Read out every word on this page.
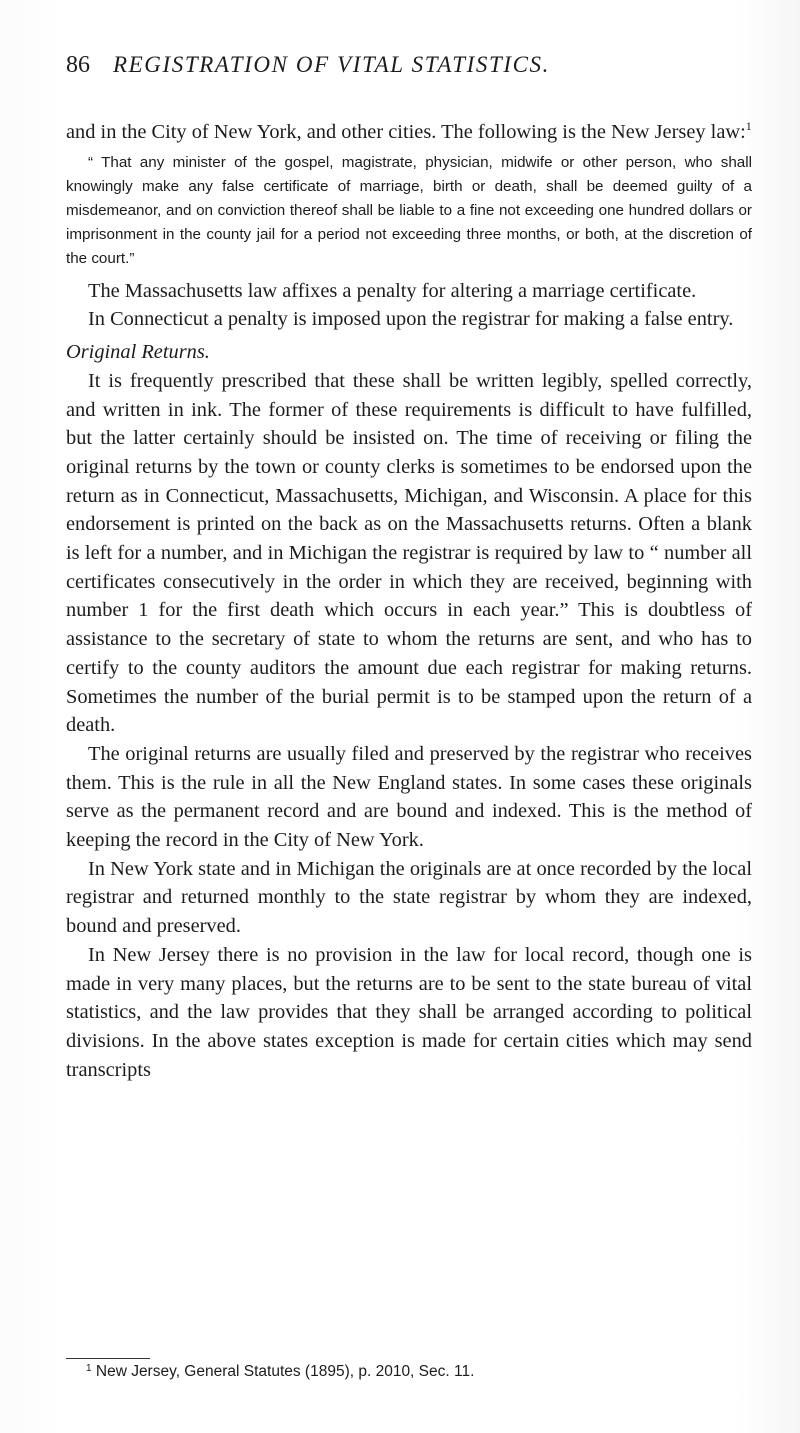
86 REGISTRATION OF VITAL STATISTICS.

and in the City of New York, and other cities. The following is the New Jersey law:$^1$

“ That any minister of the gospel, magistrate, physician, midwife or other person, who shall knowingly make any false certificate of marriage, birth or death, shall be deemed guilty of a misdemeanor, and on conviction thereof shall be liable to a fine not exceeding one hundred dollars or imprisonment in the county jail for a period not exceeding three months, or both, at the discretion of the court.”

The Massachusetts law affixes a penalty for altering a marriage certificate.

In Connecticut a penalty is imposed upon the registrar for making a false entry.

Original Returns.

It is frequently prescribed that these shall be written legibly, spelled correctly, and written in ink. The former of these requirements is difficult to have fulfilled, but the latter certainly should be insisted on. The time of receiving or filing the original returns by the town or county clerks is sometimes to be endorsed upon the return as in Connecticut, Massachusetts, Michigan, and Wisconsin. A place for this endorsement is printed on the back as on the Massachusetts returns. Often a blank is left for a number, and in Michigan the registrar is required by law to “ number all certificates consecutively in the order in which they are received, beginning with number 1 for the first death which occurs in each year.” This is doubtless of assistance to the secretary of state to whom the returns are sent, and who has to certify to the county auditors the amount due each registrar for making returns. Sometimes the number of the burial permit is to be stamped upon the return of a death.

The original returns are usually filed and preserved by the registrar who receives them. This is the rule in all the New England states. In some cases these originals serve as the permanent record and are bound and indexed. This is the method of keeping the record in the City of New York.

In New York state and in Michigan the originals are at once recorded by the local registrar and returned monthly to the state registrar by whom they are indexed, bound and preserved.

In New Jersey there is no provision in the law for local record, though one is made in very many places, but the returns are to be sent to the state bureau of vital statistics, and the law provides that they shall be arranged according to political divisions. In the above states exception is made for certain cities which may send transcripts

$^1$ New Jersey, General Statutes (1895), p. 2010, Sec. 11.
